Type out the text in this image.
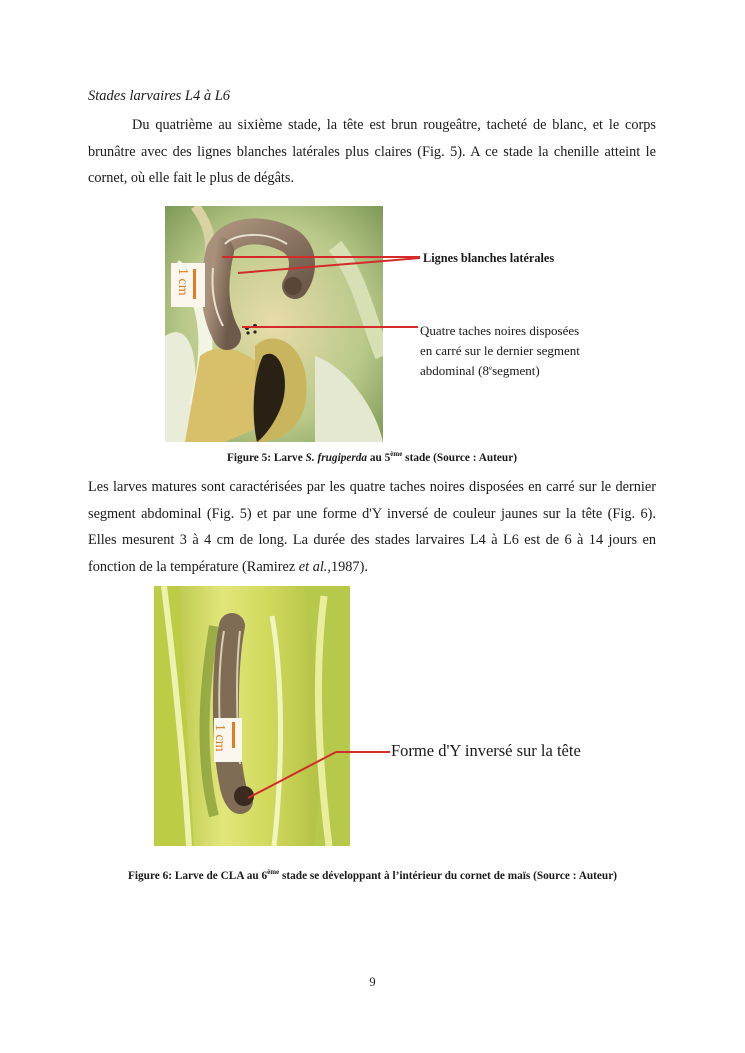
Stades larvaires L4 à L6
Du quatrième au sixième stade, la tête est brun rougeâtre, tacheté de blanc, et le corps brunâtre avec des lignes blanches latérales plus claires (Fig. 5). A ce stade la chenille atteint le cornet, où elle fait le plus de dégâts.
1 cm
1 cm
Lignes blanches latérales
Quatre taches noires disposées
en carré sur le dernier segment
abdominal (8esegment)
Figure 5: Larve S. frugiperda au 5ème stade (Source : Auteur)
Les larves matures sont caractérisées par les quatre taches noires disposées en carré sur le dernier segment abdominal (Fig. 5) et par une forme d'Y inversé de couleur jaunes sur la tête (Fig. 6). Elles mesurent 3 à 4 cm de long. La durée des stades larvaires L4 à L6 est de 6 à 14 jours en fonction de la température (Ramirez et al.,1987).
Forme d'Y inversé sur la tête
Figure 6: Larve de CLA au 6ème stade se développant à l’intérieur du cornet de maïs (Source : Auteur)
9
